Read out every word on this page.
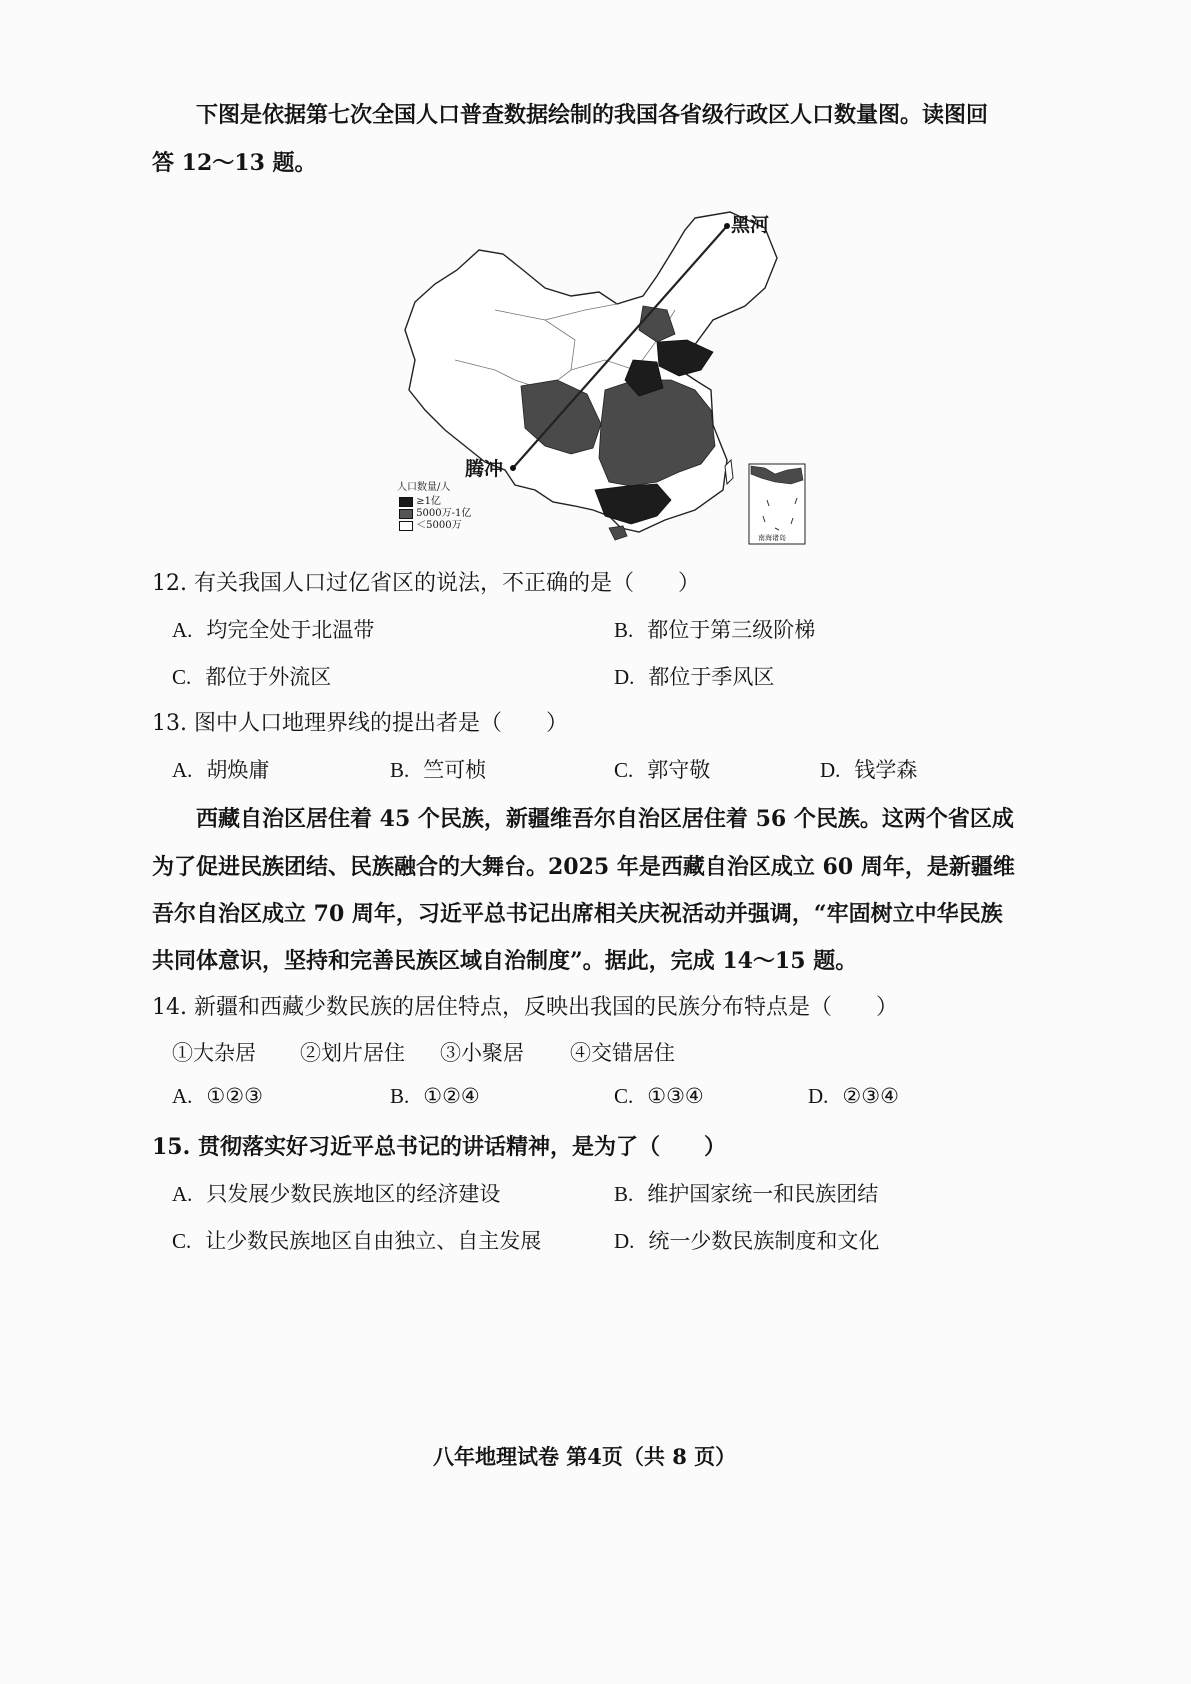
下图是依据第七次全国人口普查数据绘制的我国各省级行政区人口数量图。读图回
答 12～13 题。
黑河
腾冲
人口数量/人
≥1亿
5000万-1亿
＜5000万
南海诸岛
12. 有关我国人口过亿省区的说法，不正确的是（　　）
A. 均完全处于北温带	B. 都位于第三级阶梯
C. 都位于外流区	D. 都位于季风区
13. 图中人口地理界线的提出者是（　　）
A. 胡焕庸	B. 竺可桢	C. 郭守敬	D. 钱学森
西藏自治区居住着 45 个民族，新疆维吾尔自治区居住着 56 个民族。这两个省区成
为了促进民族团结、民族融合的大舞台。2025 年是西藏自治区成立 60 周年，是新疆维
吾尔自治区成立 70 周年，习近平总书记出席相关庆祝活动并强调，“牢固树立中华民族
共同体意识，坚持和完善民族区域自治制度”。据此，完成 14～15 题。
14. 新疆和西藏少数民族的居住特点，反映出我国的民族分布特点是（　　）
①大杂居 ②划片居住 ③小聚居 ④交错居住
A. ①②③	B. ①②④	C. ①③④	D. ②③④
15. 贯彻落实好习近平总书记的讲话精神，是为了（　　）
A. 只发展少数民族地区的经济建设	B. 维护国家统一和民族团结
C. 让少数民族地区自由独立、自主发展	D. 统一少数民族制度和文化
八年地理试卷 第4页（共 8 页）
